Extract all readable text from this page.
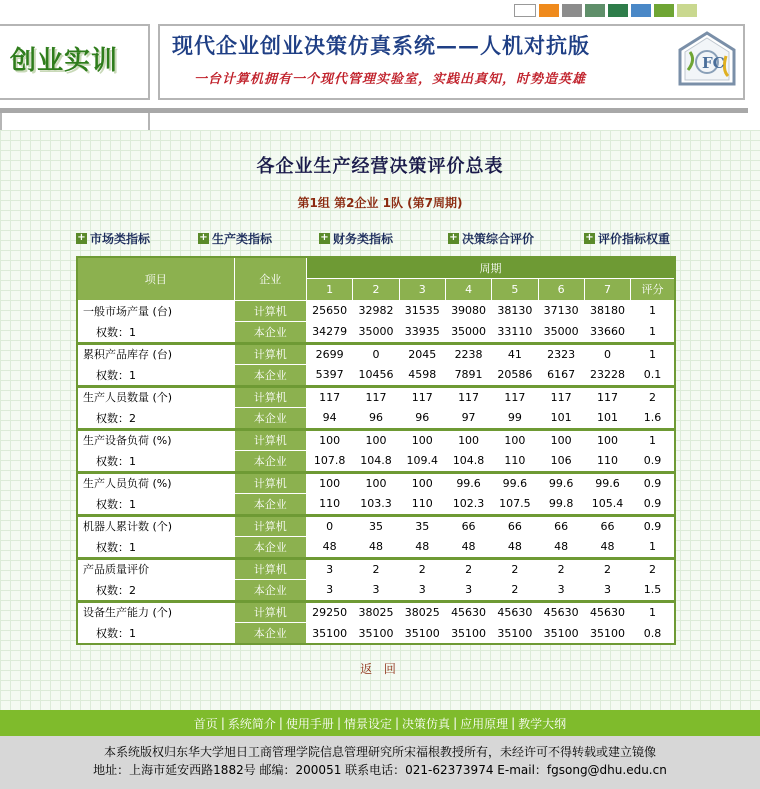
创业实训
现代企业创业决策仿真系统——人机对抗版
一台计算机拥有一个现代管理实验室，实践出真知，时势造英雄
FC
各企业生产经营决策评价总表
第1组 第2企业 1队 (第7周期)
+ 市场类指标	+ 生产类指标	+ 财务类指标	+ 决策综合评价	+ 评价指标权重
项目	企业	周期							
		1	2	3	4	5	6	7	评分
一般市场产量 (台)	计算机	25650	32982	31535	39080	38130	37130	38180	1
权数：1	本企业	34279	35000	33935	35000	33110	35000	33660	1
累积产品库存 (台)	计算机	2699	0	2045	2238	41	2323	0	1
权数：1	本企业	5397	10456	4598	7891	20586	6167	23228	0.1
生产人员数量 (个)	计算机	117	117	117	117	117	117	117	2
权数：2	本企业	94	96	96	97	99	101	101	1.6
生产设备负荷 (%)	计算机	100	100	100	100	100	100	100	1
权数：1	本企业	107.8	104.8	109.4	104.8	110	106	110	0.9
生产人员负荷 (%)	计算机	100	100	100	99.6	99.6	99.6	99.6	0.9
权数：1	本企业	110	103.3	110	102.3	107.5	99.8	105.4	0.9
机器人累计数 (个)	计算机	0	35	35	66	66	66	66	0.9
权数：1	本企业	48	48	48	48	48	48	48	1
产品质量评价	计算机	3	2	2	2	2	2	2	2
权数：2	本企业	3	3	3	3	2	3	3	1.5
设备生产能力 (个)	计算机	29250	38025	38025	45630	45630	45630	45630	1
权数：1	本企业	35100	35100	35100	35100	35100	35100	35100	0.8
返 回
首页 | 系统简介 | 使用手册 | 情景设定 | 决策仿真 | 应用原理 | 教学大纲
本系统版权归东华大学旭日工商管理学院信息管理研究所宋福根教授所有，未经许可不得转载或建立镜像
地址：上海市延安西路1882号 邮编：200051 联系电话：021-62373974 E-mail：fgsong@dhu.edu.cn
